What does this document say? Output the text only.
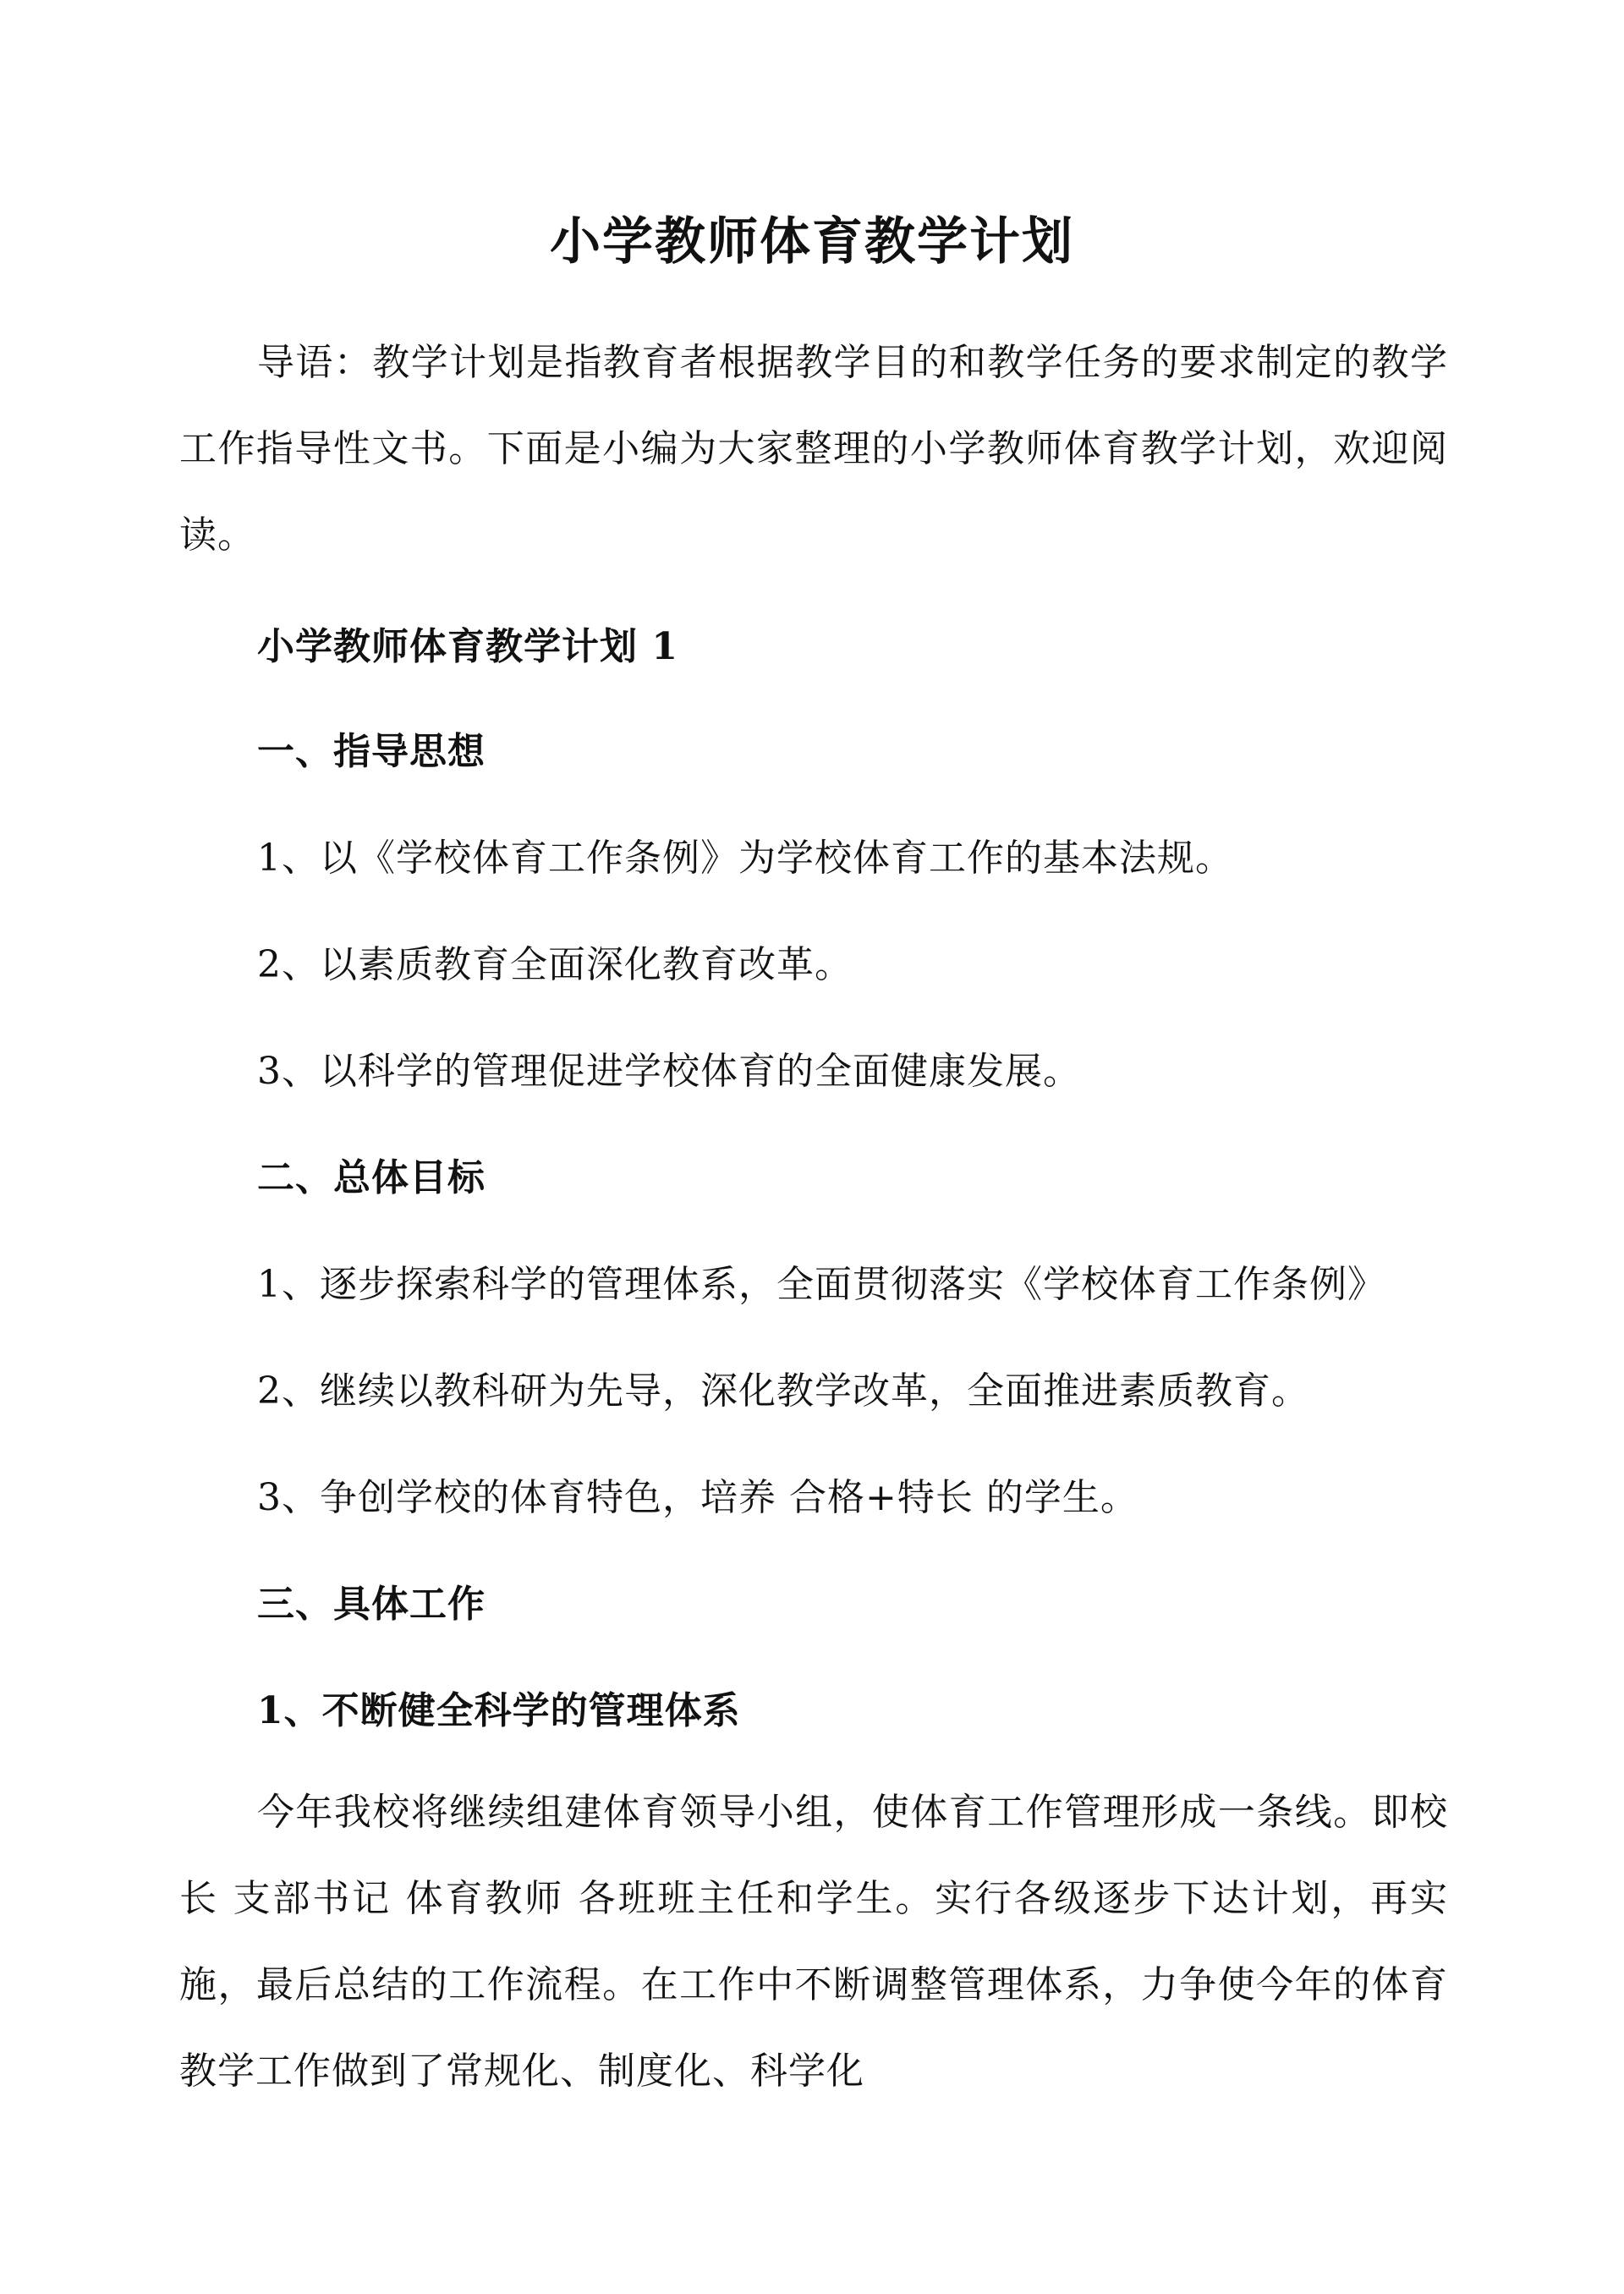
小学教师体育教学计划
导语：教学计划是指教育者根据教学目的和教学任务的要求制定的教学工作指导性文书。下面是小编为大家整理的小学教师体育教学计划，欢迎阅读。
小学教师体育教学计划 1
一、指导思想
1、以《学校体育工作条例》为学校体育工作的基本法规。
2、以素质教育全面深化教育改革。
3、以科学的管理促进学校体育的全面健康发展。
二、总体目标
1、逐步探索科学的管理体系，全面贯彻落实《学校体育工作条例》
2、继续以教科研为先导，深化教学改革，全面推进素质教育。
3、争创学校的体育特色，培养 合格+特长 的学生。
三、具体工作
1、不断健全科学的管理体系
今年我校将继续组建体育领导小组，使体育工作管理形成一条线。即校长 支部书记 体育教师 各班班主任和学生。实行各级逐步下达计划，再实施，最后总结的工作流程。在工作中不断调整管理体系，力争使今年的体育教学工作做到了常规化、制度化、科学化
